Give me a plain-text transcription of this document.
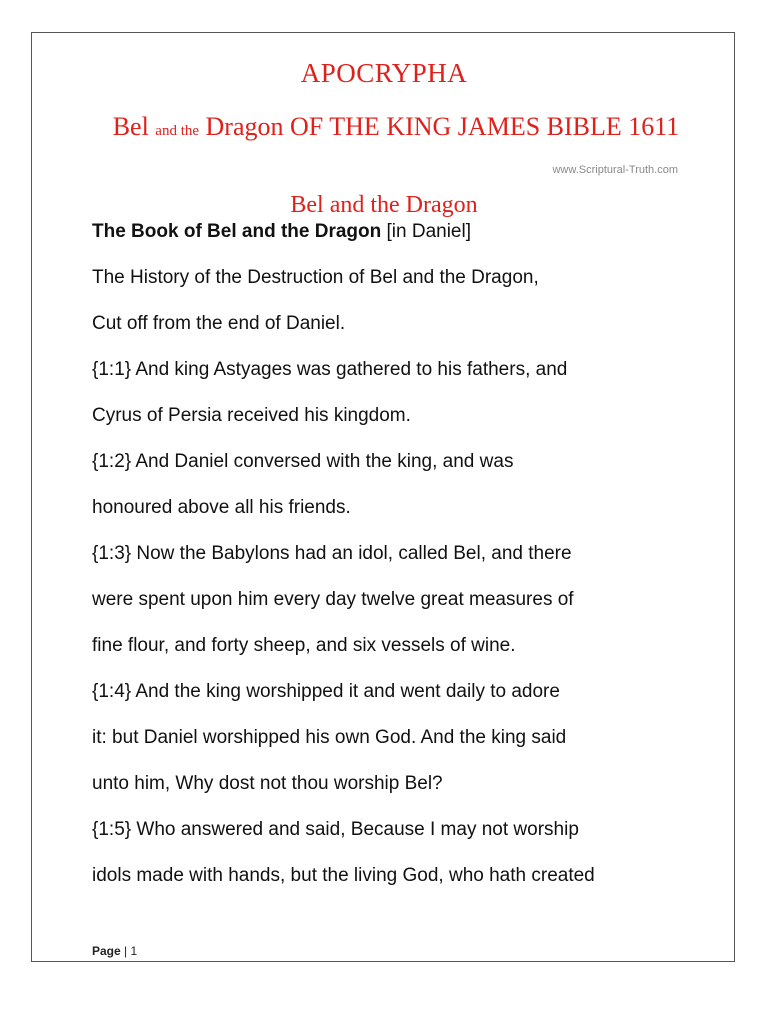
APOCRYPHA
Bel and the Dragon OF THE KING JAMES BIBLE 1611
www.Scriptural-Truth.com
Bel and the Dragon
The Book of Bel and the Dragon [in Daniel]
The History of the Destruction of Bel and the Dragon,
Cut off from the end of Daniel.
{1:1} And king Astyages was gathered to his fathers, and
Cyrus of Persia received his kingdom.
{1:2} And Daniel conversed with the king, and was
honoured above all his friends.
{1:3} Now the Babylons had an idol, called Bel, and there
were spent upon him every day twelve great measures of
fine flour, and forty sheep, and six vessels of wine.
{1:4} And the king worshipped it and went daily to adore
it: but Daniel worshipped his own God. And the king said
unto him, Why dost not thou worship Bel?
{1:5} Who answered and said, Because I may not worship
idols made with hands, but the living God, who hath created
Page | 1
